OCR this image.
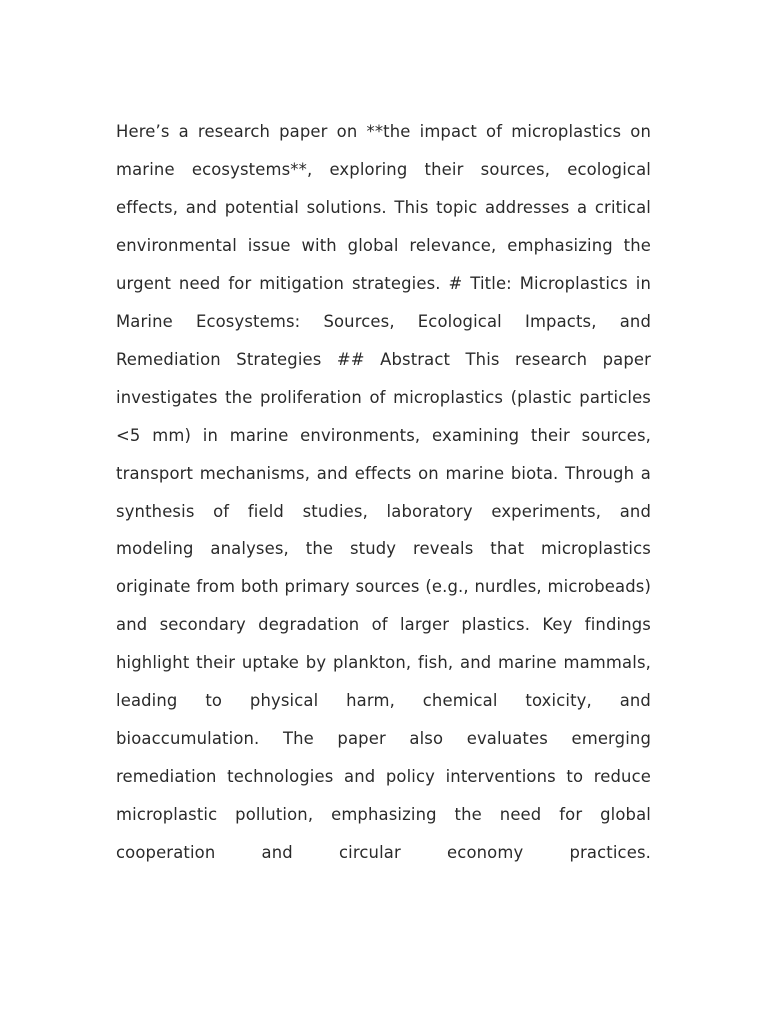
Here’s a research paper on **the impact of microplastics on marine ecosystems**, exploring their sources, ecological effects, and potential solutions. This topic addresses a critical environmental issue with global relevance, emphasizing the urgent need for mitigation strategies. # Title: Microplastics in Marine Ecosystems: Sources, Ecological Impacts, and Remediation Strategies ## Abstract This research paper investigates the proliferation of microplastics (plastic particles <5 mm) in marine environments, examining their sources, transport mechanisms, and effects on marine biota. Through a synthesis of field studies, laboratory experiments, and modeling analyses, the study reveals that microplastics originate from both primary sources (e.g., nurdles, microbeads) and secondary degradation of larger plastics. Key findings highlight their uptake by plankton, fish, and marine mammals, leading to physical harm, chemical toxicity, and bioaccumulation. The paper also evaluates emerging remediation technologies and policy interventions to reduce microplastic pollution, emphasizing the need for global cooperation and circular economy practices.
